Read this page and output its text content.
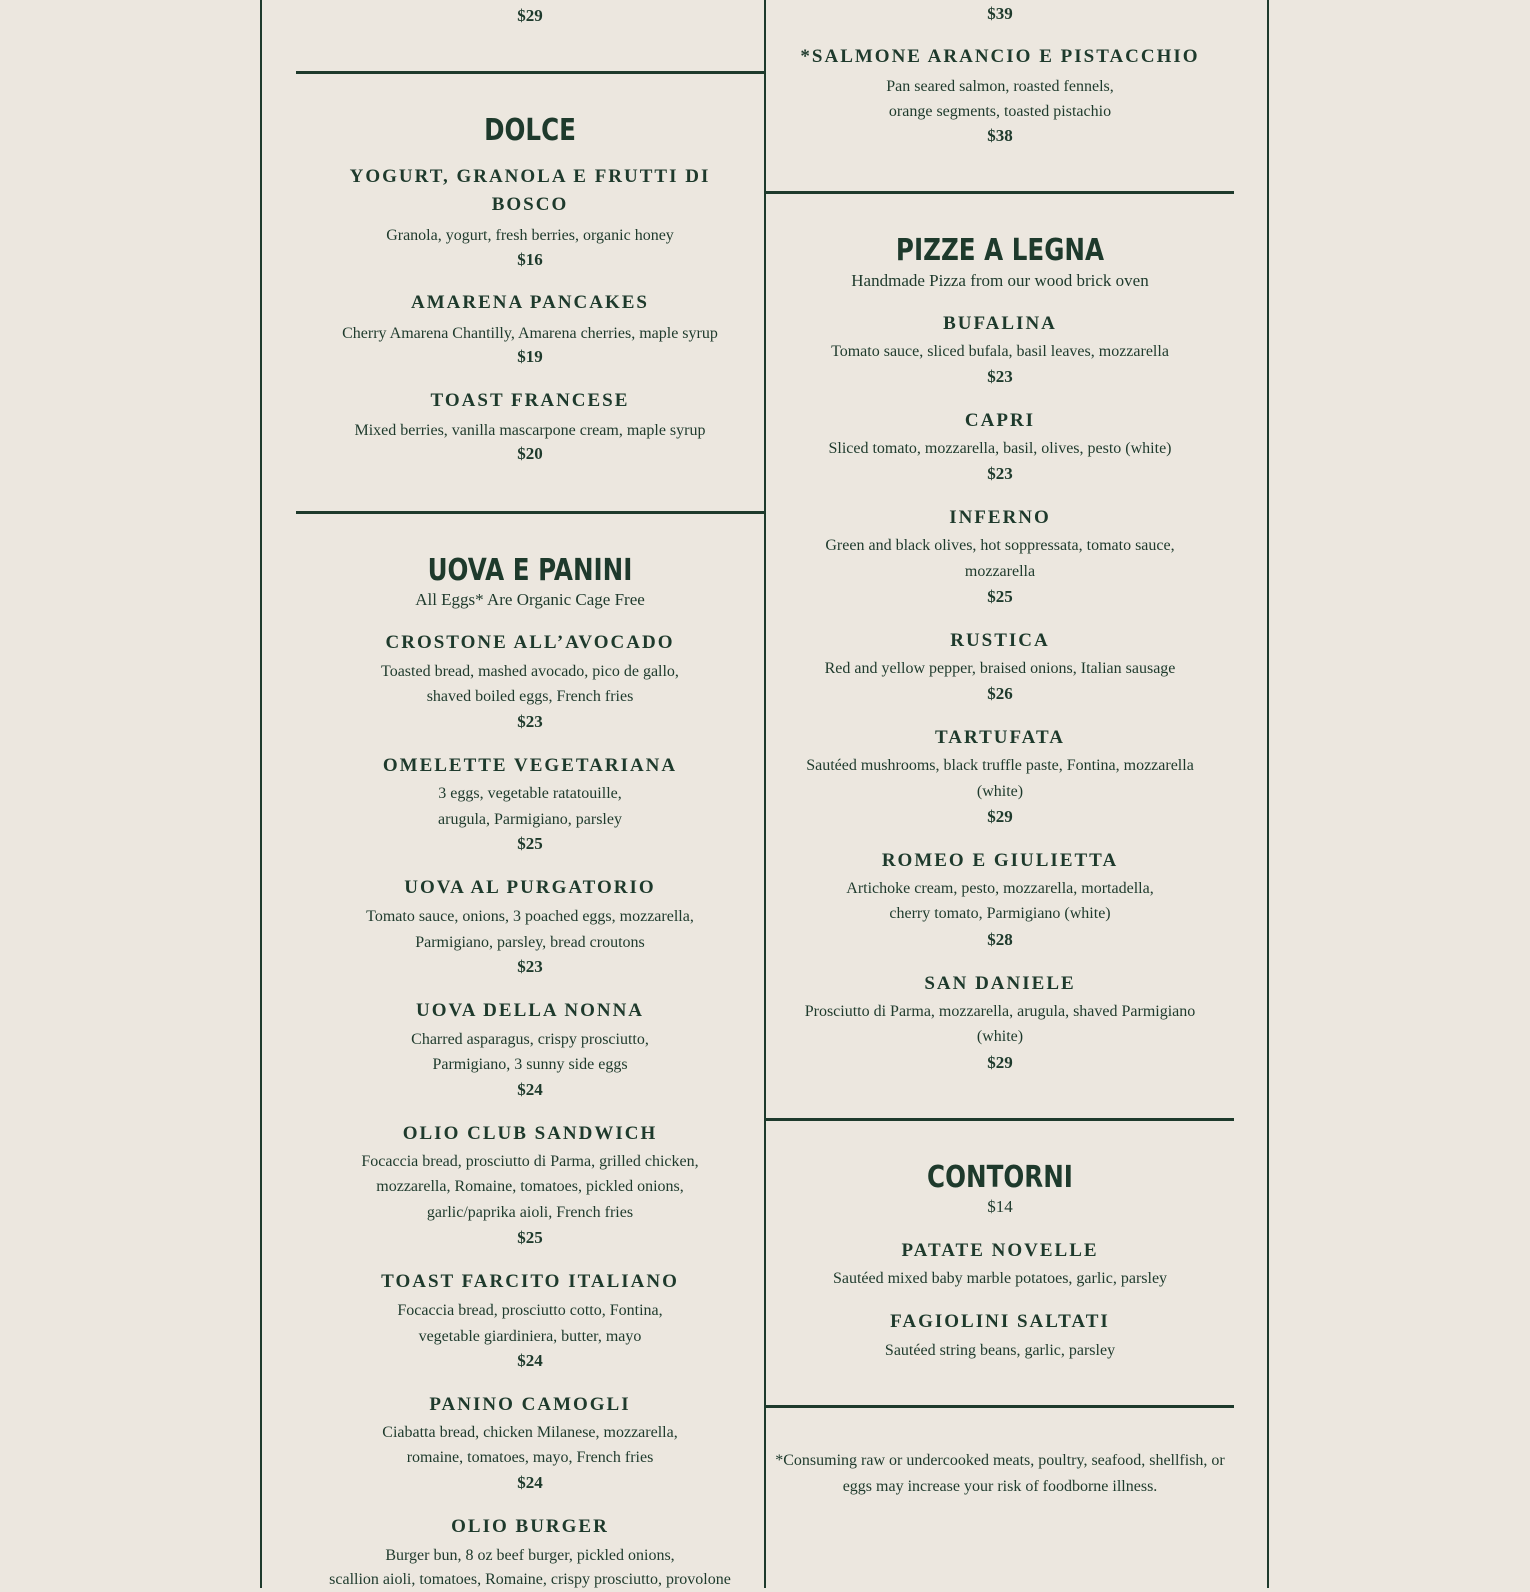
$29
DOLCE
YOGURT, GRANOLA E FRUTTI DI
BOSCO
Granola, yogurt, fresh berries, organic honey
$16
AMARENA PANCAKES
Cherry Amarena Chantilly, Amarena cherries, maple syrup
$19
TOAST FRANCESE
Mixed berries, vanilla mascarpone cream, maple syrup
$20
UOVA E PANINI
All Eggs* Are Organic Cage Free
CROSTONE ALL’AVOCADO
Toasted bread, mashed avocado, pico de gallo,
shaved boiled eggs, French fries
$23
OMELETTE VEGETARIANA
3 eggs, vegetable ratatouille,
arugula, Parmigiano, parsley
$25
UOVA AL PURGATORIO
Tomato sauce, onions, 3 poached eggs, mozzarella,
Parmigiano, parsley, bread croutons
$23
UOVA DELLA NONNA
Charred asparagus, crispy prosciutto,
Parmigiano, 3 sunny side eggs
$24
OLIO CLUB SANDWICH
Focaccia bread, prosciutto di Parma, grilled chicken,
mozzarella, Romaine, tomatoes, pickled onions,
garlic/paprika aioli, French fries
$25
TOAST FARCITO ITALIANO
Focaccia bread, prosciutto cotto, Fontina,
vegetable giardiniera, butter, mayo
$24
PANINO CAMOGLI
Ciabatta bread, chicken Milanese, mozzarella,
romaine, tomatoes, mayo, French fries
$24
OLIO BURGER
Burger bun, 8 oz beef burger, pickled onions,
scallion aioli, tomatoes, Romaine, crispy prosciutto, provolone
$39
*SALMONE ARANCIO E PISTACCHIO
Pan seared salmon, roasted fennels,
orange segments, toasted pistachio
$38
PIZZE A LEGNA
Handmade Pizza from our wood brick oven
BUFALINA
Tomato sauce, sliced bufala, basil leaves, mozzarella
$23
CAPRI
Sliced tomato, mozzarella, basil, olives, pesto (white)
$23
INFERNO
Green and black olives, hot soppressata, tomato sauce,
mozzarella
$25
RUSTICA
Red and yellow pepper, braised onions, Italian sausage
$26
TARTUFATA
Sautéed mushrooms, black truffle paste, Fontina, mozzarella
(white)
$29
ROMEO E GIULIETTA
Artichoke cream, pesto, mozzarella, mortadella,
cherry tomato, Parmigiano (white)
$28
SAN DANIELE
Prosciutto di Parma, mozzarella, arugula, shaved Parmigiano
(white)
$29
CONTORNI
$14
PATATE NOVELLE
Sautéed mixed baby marble potatoes, garlic, parsley
FAGIOLINI SALTATI
Sautéed string beans, garlic, parsley
*Consuming raw or undercooked meats, poultry, seafood, shellfish, or
eggs may increase your risk of foodborne illness.
